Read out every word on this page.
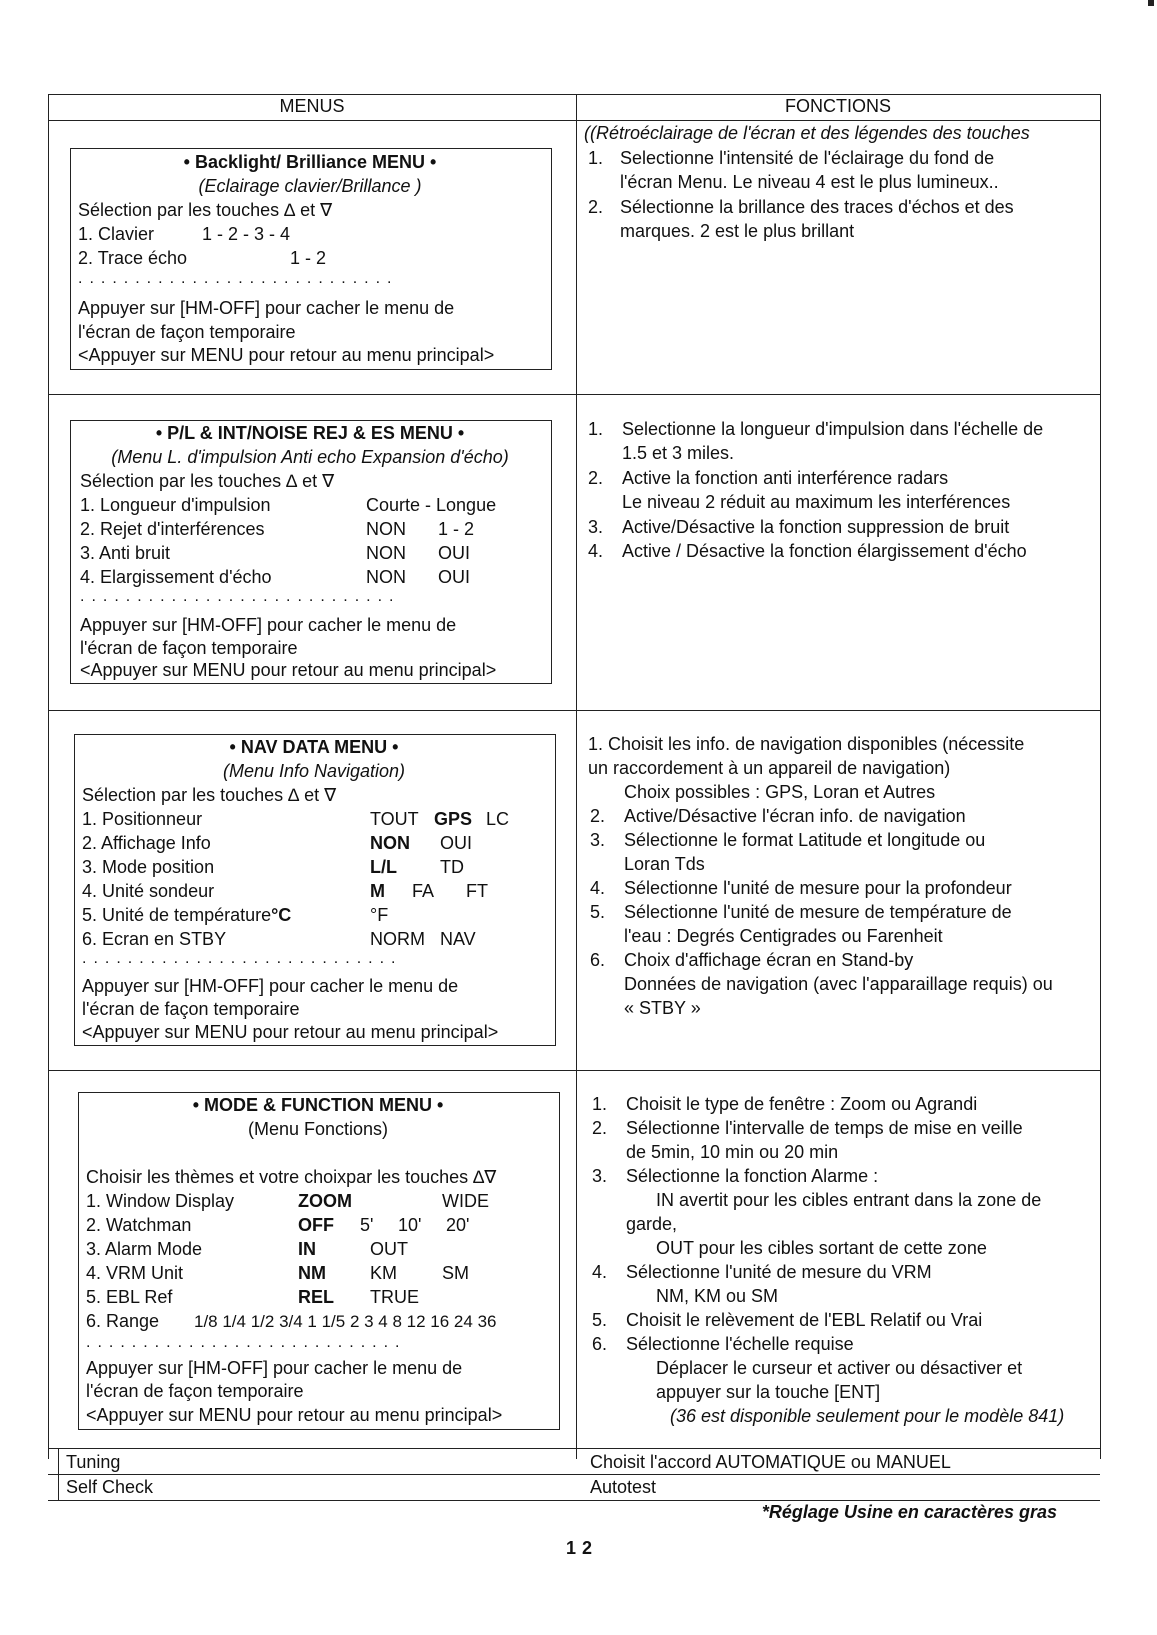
MENUS	FONCTIONS
• Backlight/ Brilliance MENU •
(Eclairage clavier/Brillance )
Sélection par les touches ∆ et ∇
1. Clavier	1 - 2 - 3 - 4
2. Trace écho	1 - 2
............................
Appuyer sur [HM-OFF] pour cacher le menu de
l'écran de façon temporaire
<Appuyer sur MENU pour retour au menu principal>
((Rétroéclairage de l'écran et des légendes des touches
1. Selectionne l'intensité de l'éclairage du fond de
l'écran Menu. Le niveau 4 est le plus lumineux..
2. Sélectionne la brillance des traces d'échos et des
marques. 2 est le plus brillant
• P/L & INT/NOISE REJ & ES MENU •
(Menu L. d'impulsion Anti echo Expansion d'écho)
Sélection par les touches ∆ et ∇
1. Longueur d'impulsion	Courte - Longue
2. Rejet d'interférences	NON 1 - 2
3. Anti bruit	NON OUI
4. Elargissement d'écho	NON OUI
............................
Appuyer sur [HM-OFF] pour cacher le menu de
l'écran de façon temporaire
<Appuyer sur MENU pour retour au menu principal>
1. Selectionne la longueur d'impulsion dans l'échelle de
1.5 et 3 miles.
2. Active la fonction anti interférence radars
Le niveau 2 réduit au maximum les interférences
3. Active/Désactive la fonction suppression de bruit
4. Active / Désactive la fonction élargissement d'écho
• NAV DATA MENU •
(Menu Info Navigation)
Sélection par les touches ∆ et ∇
1. Positionneur	TOUT GPS LC
2. Affichage Info	NON OUI
3. Mode position	L/L TD
4. Unité sondeur	M FA FT
5. Unité de température°C	°F
6. Ecran en STBY	NORM NAV
............................
Appuyer sur [HM-OFF] pour cacher le menu de
l'écran de façon temporaire
<Appuyer sur MENU pour retour au menu principal>
1. Choisit les info. de navigation disponibles (nécessite
un raccordement à un appareil de navigation)
Choix possibles : GPS, Loran et Autres
2. Active/Désactive l'écran info. de navigation
3. Sélectionne le format Latitude et longitude ou
Loran Tds
4. Sélectionne l'unité de mesure pour la profondeur
5. Sélectionne l'unité de mesure de température de
l'eau : Degrés Centigrades ou Farenheit
6. Choix d'affichage écran en Stand-by
Données de navigation (avec l'apparaillage requis) ou
« STBY »
• MODE & FUNCTION MENU •
(Menu Fonctions)
Choisir les thèmes et votre choixpar les touches ∆∇
1. Window Display	ZOOM	WIDE
2. Watchman	OFF 5' 10' 20'
3. Alarm Mode	IN	OUT
4. VRM Unit	NM KM	SM
5. EBL Ref	REL TRUE
6. Range 1/8 1/4 1/2 3/4 1 1/5 2 3 4 8 12 16 24 36
............................
Appuyer sur [HM-OFF] pour cacher le menu de
l'écran de façon temporaire
<Appuyer sur MENU pour retour au menu principal>
1. Choisit le type de fenêtre : Zoom ou Agrandi
2. Sélectionne l'intervalle de temps de mise en veille
de 5min, 10 min ou 20 min
3. Sélectionne la fonction Alarme :
IN avertit pour les cibles entrant dans la zone de
garde,
OUT pour les cibles sortant de cette zone
4. Sélectionne l'unité de mesure du VRM
NM, KM ou SM
5. Choisit le relèvement de l'EBL Relatif ou Vrai
6. Sélectionne l'échelle requise
Déplacer le curseur et activer ou désactiver et
appuyer sur la touche [ENT]
(36 est disponible seulement pour le modèle 841)
Tuning	Choisit l'accord AUTOMATIQUE ou MANUEL
Self Check	Autotest
*Réglage Usine en caractères gras
12
